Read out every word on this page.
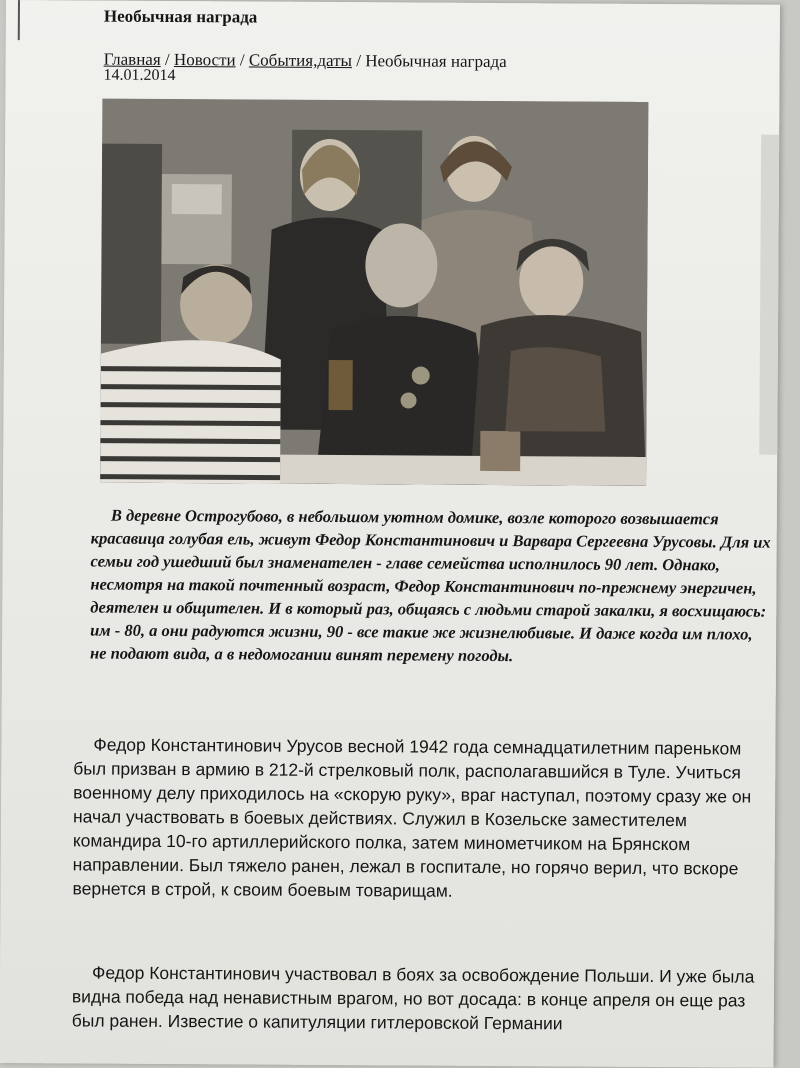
Необычная награда
Главная / Новости / События,даты / Необычная награда
14.01.2014
В деревне Острогубово, в небольшом уютном домике, возле которого возвышается красавица голубая ель, живут Федор Константинович и Варвара Сергеевна Урусовы. Для их семьи год ушедший был знаменателен - главе семейства исполнилось 90 лет. Однако, несмотря на такой почтенный возраст, Федор Константинович по-прежнему энергичен, деятелен и общителен. И в который раз, общаясь с людьми старой закалки, я восхищаюсь: им - 80, а они радуются жизни, 90 - все такие же жизнелюбивые. И даже когда им плохо, не подают вида, а в недомогании винят перемену погоды.
Федор Константинович Урусов весной 1942 года семнадцатилетним пареньком был призван в армию в 212-й стрелковый полк, располагавшийся в Туле. Учиться военному делу приходилось на «скорую руку», враг наступал, поэтому сразу же он начал участвовать в боевых действиях. Служил в Козельске заместителем командира 10-го артиллерийского полка, затем минометчиком на Брянском направлении. Был тяжело ранен, лежал в госпитале, но горячо верил, что вскоре вернется в строй, к своим боевым товарищам.
Федор Константинович участвовал в боях за освобождение Польши. И уже была видна победа над ненавистным врагом, но вот досада: в конце апреля он еще раз был ранен. Известие о капитуляции гитлеровской Германии
